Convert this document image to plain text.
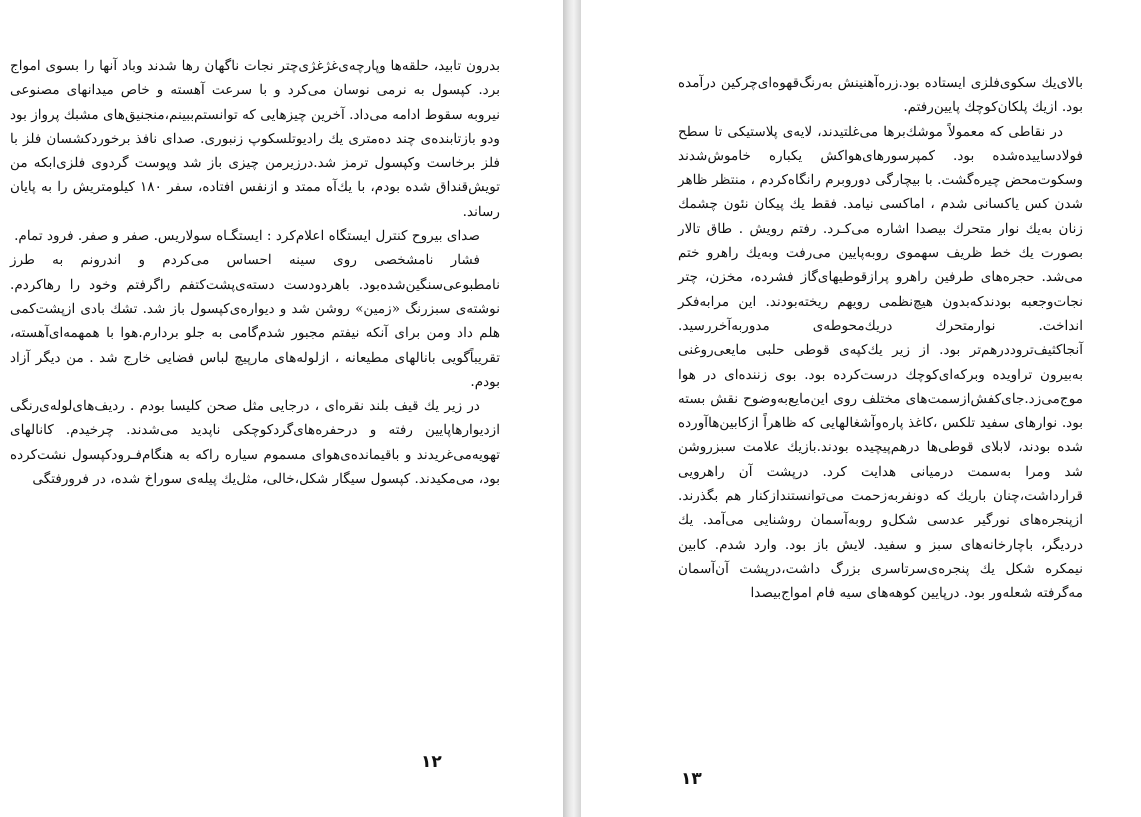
بدرون تابید، حلقه‌ها وپارچه‌ی‌غژغژی‌چتر نجات ناگهان رها شدند وباد آنها را بسوی امواج برد. کپسول به نرمی نوسان می‌کرد و با سرعت آهسته و خاص میدانهای مصنوعی نیروبه سقوط ادامه می‌داد. آخرین چیزهایی که توانستم‌ببینم،منجنیق‌های مشبك پرواز بود ودو بازتابنده‌ی چند ده‌متری یك رادیوتلسکوپ زنبوری. صدای نافذ برخوردکشسان فلز با فلز برخاست وکپسول ترمز شد.درزیرمن چیزی باز شد وپوست گردوی فلزی‌ابکه من تویش‌قنداق شده بودم، با یك‌آه ممتد و ازنفس افتاده، سفر ۱۸۰ کیلومتریش را به پایان رساند.

صدای بیروح کنترل ایستگاه اعلام‌کرد : ایستگـاه سولاریس. صفر و صفر. فرود تمام.

فشار نامشخصی روی سینه احساس می‌کردم و اندرونم به طرز نامطبوعی‌سنگین‌شده‌بود. باهردودست دسته‌ی‌پشت‌کتفم راگرفتم وخود را رهاکردم. نوشته‌ی سبزرنگ «زمین» روشن شد و دیواره‌ی‌کپسول باز شد. تشك بادی ازپشت‌کمی هلم داد ومن برای آنکه نیفتم مجبور شدم‌گامی به جلو بردارم.هوا با همهمه‌ای‌آهسته، تقریباًگویی بانالهای مطیعانه ، ازلوله‌های مارپیچ لباس فضایی خارج شد . من دیگر آزاد بودم.

در زیر یك قیف بلند نقره‌ای ، درجایی مثل صحن کلیسا بودم . ردیف‌های‌لوله‌ی‌رنگی ازدیوارهاپایین رفته و درحفره‌های‌گردکوچکی ناپدید می‌شدند. چرخیدم. کانالهای تهویه‌می‌غریدند و باقیمانده‌ی‌هوای مسموم سیاره راکه به هنگام‌فـرود‌کپسول نشت‌کرده بود، می‌مکیدند. کپسول سیگار شکل،خالی، مثل‌یك پیله‌ی سوراخ شده، در فرورفتگی

۱۲

بالای‌یك سکوی‌فلزی ایستاده بود.زره‌آهنینش به‌رنگ‌قهوه‌ای‌چرکین درآمده بود. ازیك پلکان‌کوچك پایین‌رفتم.

در نقاطی که معمولاً موشك‌برها می‌غلتیدند، لایه‌ی پلاستیکی تا سطح فولادساییده‌شده بود. کمپرسورهای‌هواکش یکباره خاموش‌شدند وسکوت‌محض چیره‌گشت. با بیچارگی دوروبرم رانگاه‌کردم ، منتظر ظاهر شدن کس یاکسانی شدم ، اماکسی نیامد. فقط یك پیکان نئون چشمك زنان به‌یك نوار متحرك بیصدا اشاره می‌کـرد. رفتم رویش . طاق تالار بصورت یك خط ظریف سهموی روبه‌پایین می‌رفت وبه‌یك راهرو ختم می‌شد. حجره‌های طرفین راهرو پرازقوطیهای‌گاز فشرده، مخزن، چتر نجات‌وجعبه بودندکه‌بدون هیچ‌نظمی رویهم ریخته‌بودند. این مرابه‌فکر انداخت. نوارمتحرك دریك‌محوطه‌ی مدوربه‌آخررسید. آنجاکثیف‌تروددرهم‌تر بود. از زیر یك‌کپه‌ی قوطی حلبی مایعی‌روغنی به‌بیرون تراویده وبرکه‌ای‌کوچك درست‌کرده بود. بوی زننده‌ای در هوا موج‌می‌زد.جای‌کفش‌ازسمت‌های مختلف روی این‌مایع‌به‌وضوح نقش بسته بود. نوارهای سفید تلکس ،کاغذ پاره‌وآشغالهایی که ظاهراً ازکابین‌هاآورده شده بودند، لابلای قوطی‌ها درهم‌پیچیده بودند.بازیك علامت سبزروشن شد ومرا به‌سمت درمیانی هدایت کرد. درپشت آن راهرویی قرارداشت،چنان باریك که دونفربه‌زحمت می‌توانستنداز‌کنار هم بگذرند. ازپنجره‌های نورگیر عدسی شکل‌و روبه‌آسمان روشنایی می‌آمد. یك دردیگر، باچارخانه‌های سبز و سفید. لایش باز بود. وارد شدم. کابین نیمکره شکل یك پنجره‌ی‌سرتاسری بزرگ داشت،درپشت آن‌آسمان مه‌گرفته شعله‌ور بود. درپایین کوهه‌های سیه فام امواج‌بیصدا

۱۳
